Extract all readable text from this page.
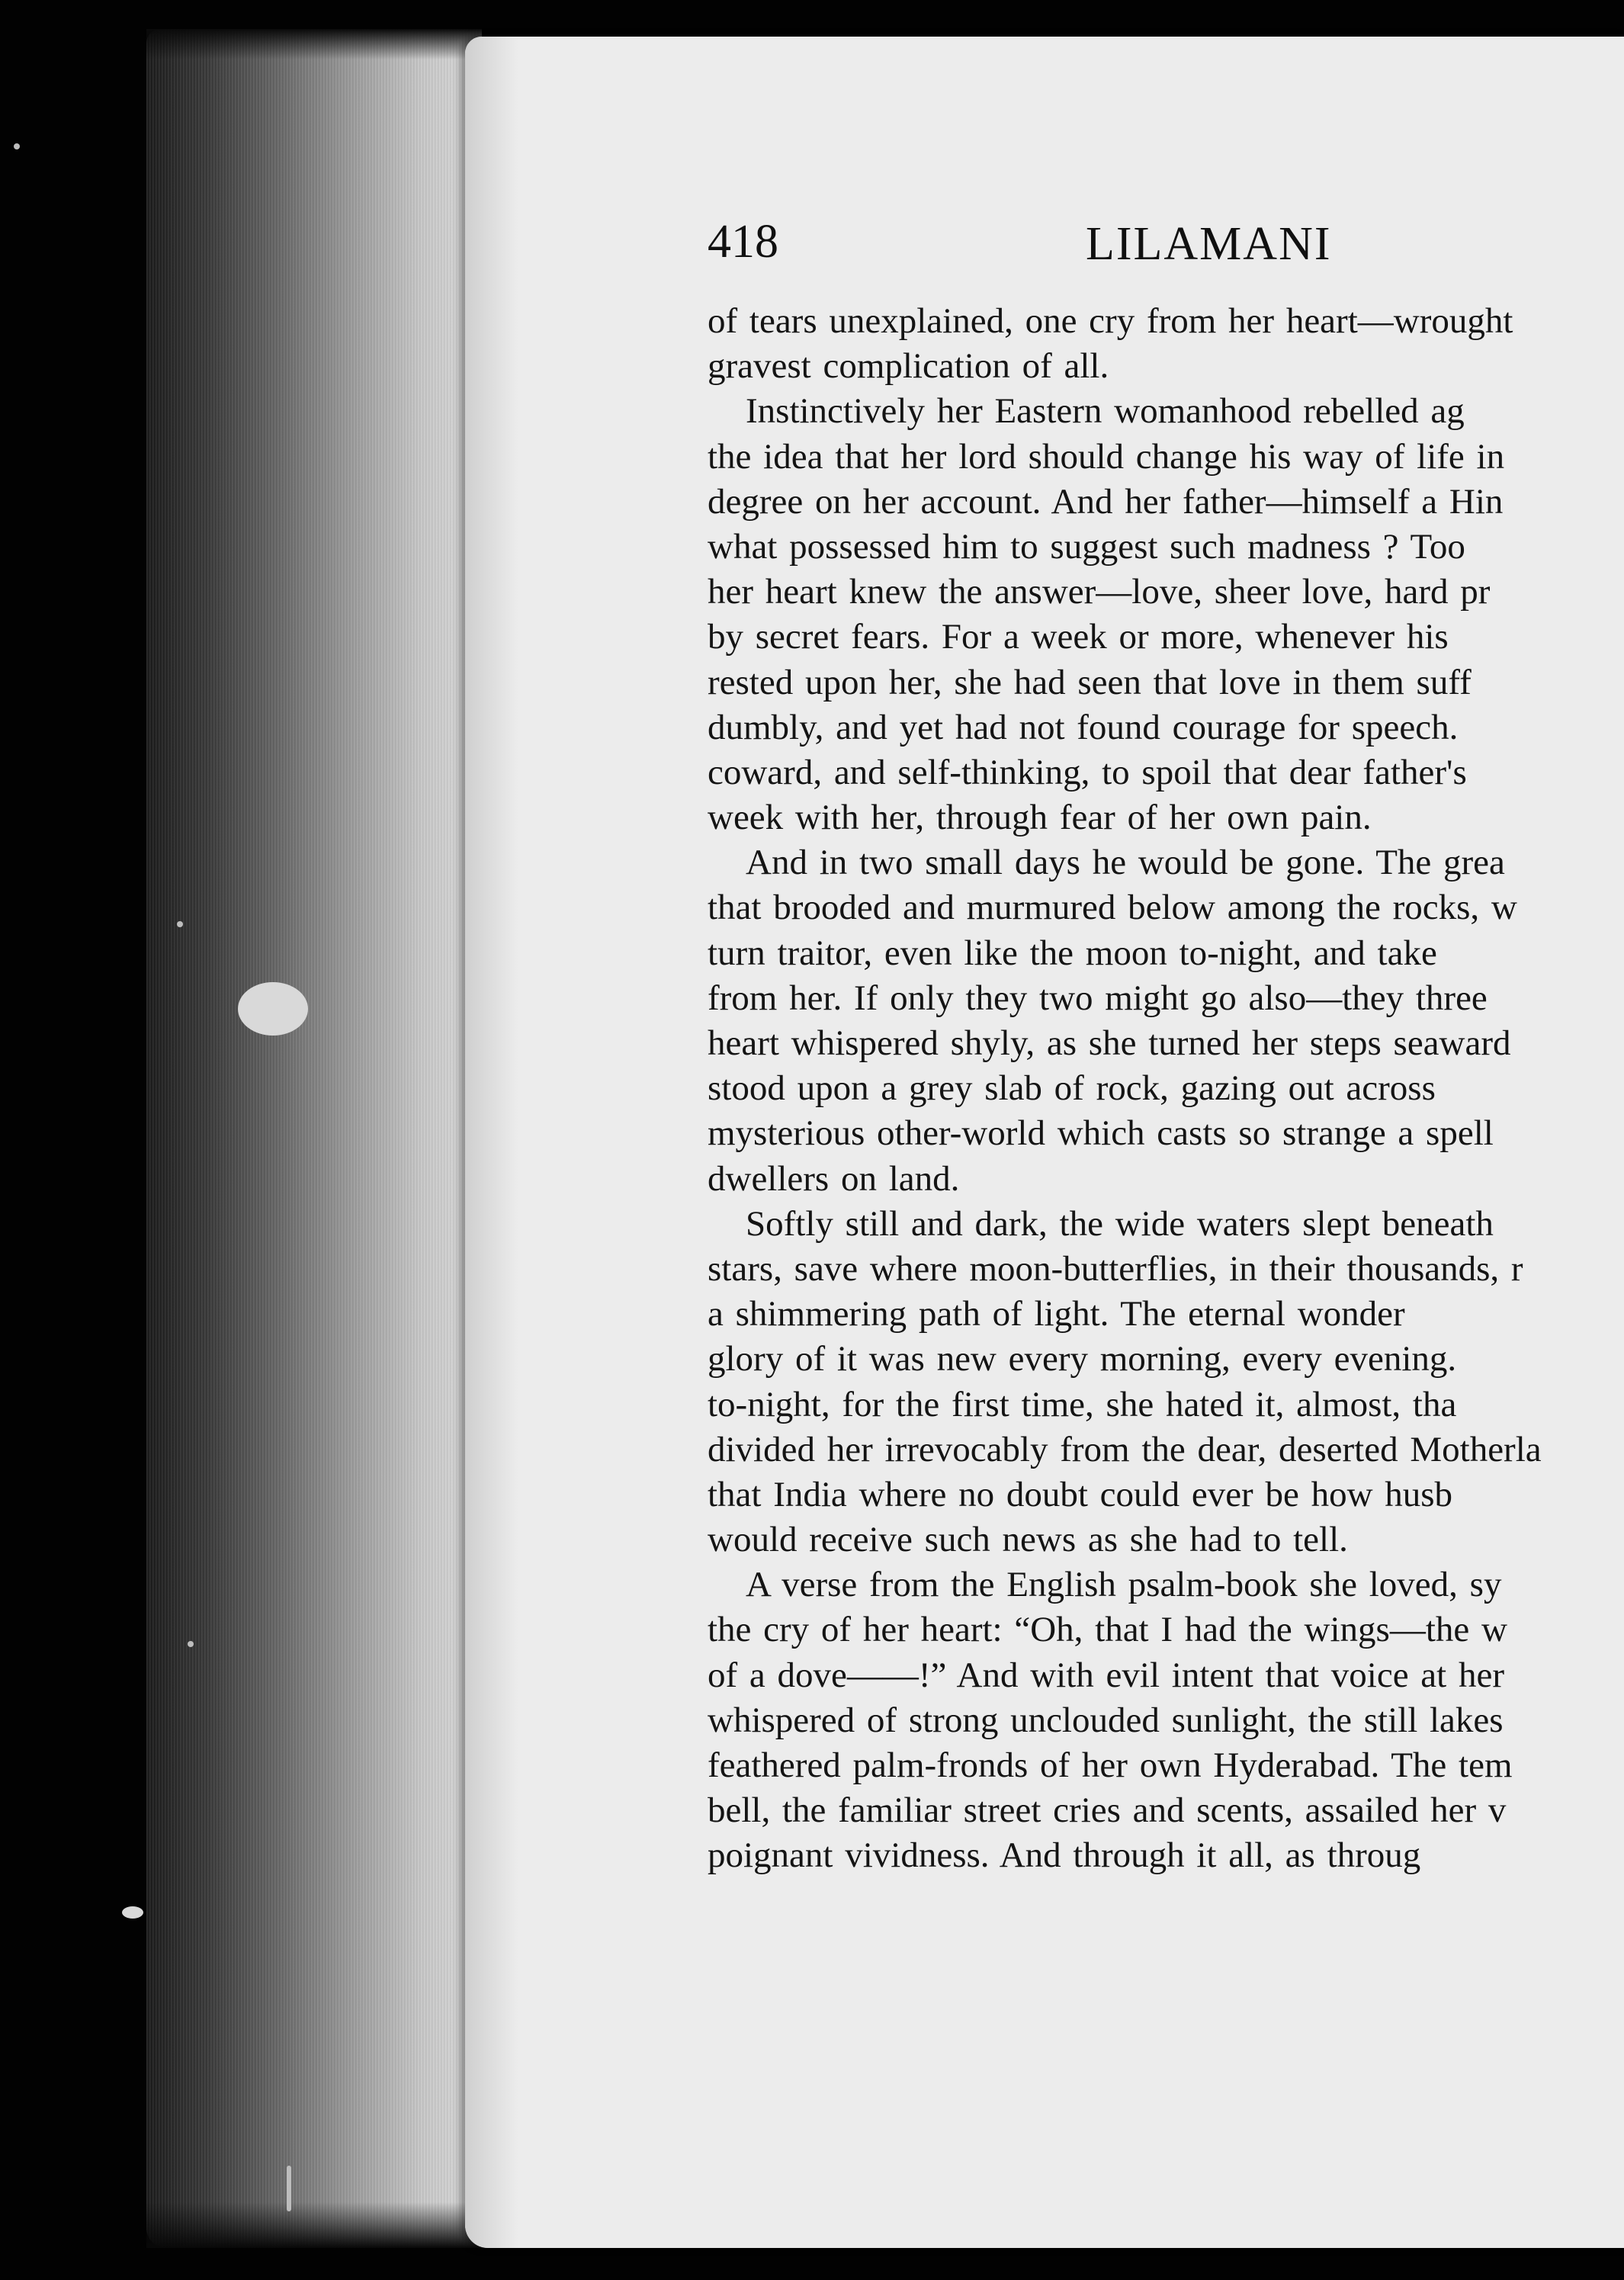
418	LILAMANI

of tears unexplained, one cry from her heart—wrought
gravest complication of all.
Instinctively her Eastern womanhood rebelled ag
the idea that her lord should change his way of life in
degree on her account. And her father—himself a Hin
what possessed him to suggest such madness ? Too
her heart knew the answer—love, sheer love, hard pr
by secret fears. For a week or more, whenever his
rested upon her, she had seen that love in them suff
dumbly, and yet had not found courage for speech.
coward, and self-thinking, to spoil that dear father's
week with her, through fear of her own pain.
And in two small days he would be gone. The grea
that brooded and murmured below among the rocks, w
turn traitor, even like the moon to-night, and take
from her. If only they two might go also—they three
heart whispered shyly, as she turned her steps seaward
stood upon a grey slab of rock, gazing out across
mysterious other-world which casts so strange a spell
dwellers on land.
Softly still and dark, the wide waters slept beneath
stars, save where moon-butterflies, in their thousands, r
a shimmering path of light. The eternal wonder
glory of it was new every morning, every evening.
to-night, for the first time, she hated it, almost, tha
divided her irrevocably from the dear, deserted Motherla
that India where no doubt could ever be how husb
would receive such news as she had to tell.
A verse from the English psalm-book she loved, sy
the cry of her heart: “Oh, that I had the wings—the w
of a dove——!” And with evil intent that voice at her
whispered of strong unclouded sunlight, the still lakes
feathered palm-fronds of her own Hyderabad. The tem
bell, the familiar street cries and scents, assailed her v
poignant vividness. And through it all, as throug
